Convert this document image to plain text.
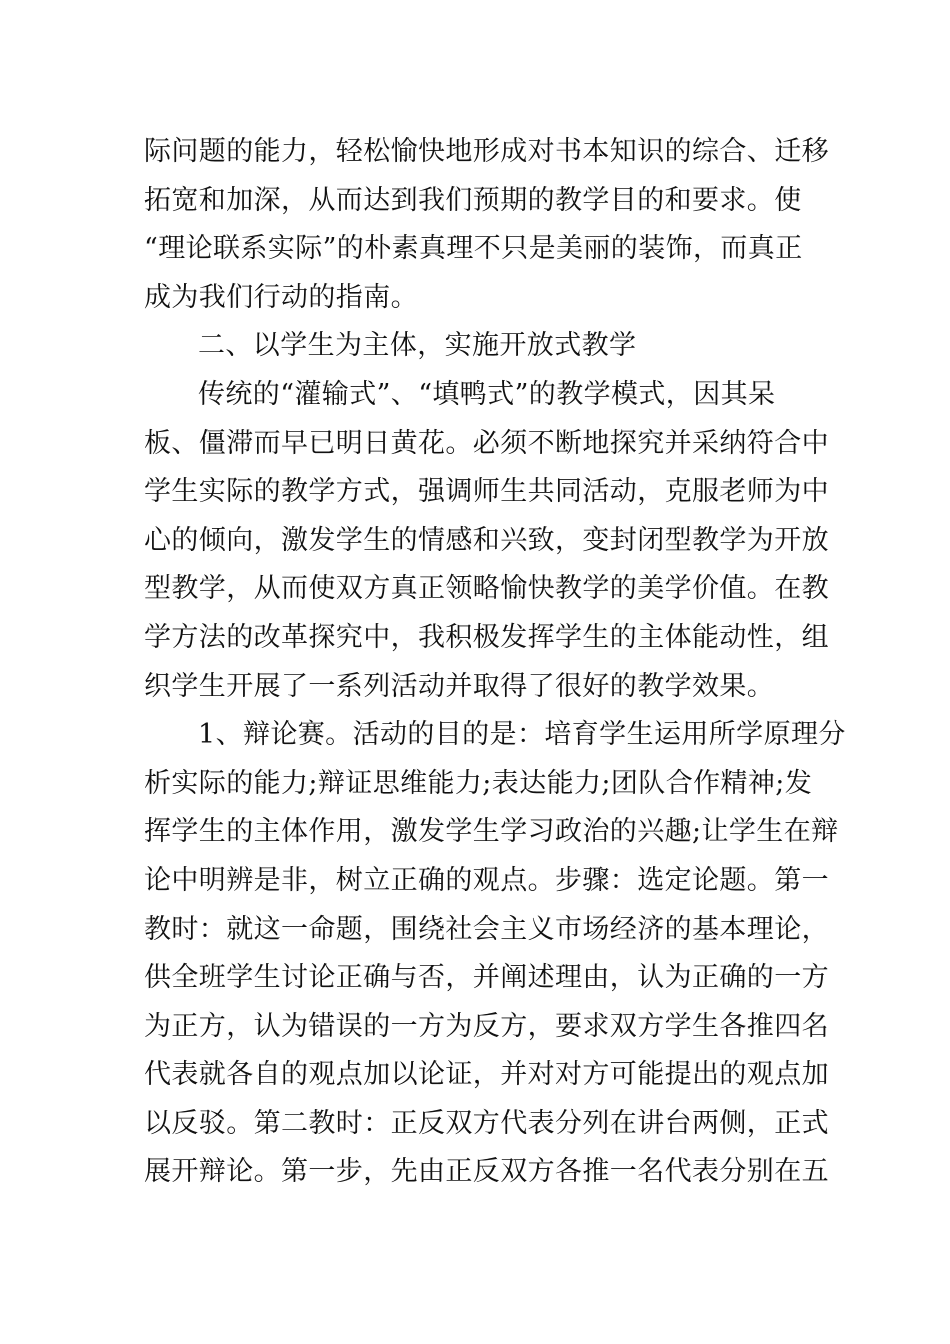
际问题的能力，轻松愉快地形成对书本知识的综合、迁移
拓宽和加深，从而达到我们预期的教学目的和要求。使
“理论联系实际”的朴素真理不只是美丽的装饰，而真正
成为我们行动的指南。
二、以学生为主体，实施开放式教学
传统的“灌输式”、“填鸭式”的教学模式，因其呆
板、僵滞而早已明日黄花。必须不断地探究并采纳符合中
学生实际的教学方式，强调师生共同活动，克服老师为中
心的倾向，激发学生的情感和兴致，变封闭型教学为开放
型教学，从而使双方真正领略愉快教学的美学价值。在教
学方法的改革探究中，我积极发挥学生的主体能动性，组
织学生开展了一系列活动并取得了很好的教学效果。
1、辩论赛。活动的目的是：培育学生运用所学原理分
析实际的能力;辩证思维能力;表达能力;团队合作精神;发
挥学生的主体作用，激发学生学习政治的兴趣;让学生在辩
论中明辨是非，树立正确的观点。步骤：选定论题。第一
教时：就这一命题，围绕社会主义市场经济的基本理论，
供全班学生讨论正确与否，并阐述理由，认为正确的一方
为正方，认为错误的一方为反方，要求双方学生各推四名
代表就各自的观点加以论证，并对对方可能提出的观点加
以反驳。第二教时：正反双方代表分列在讲台两侧，正式
展开辩论。第一步，先由正反双方各推一名代表分别在五
